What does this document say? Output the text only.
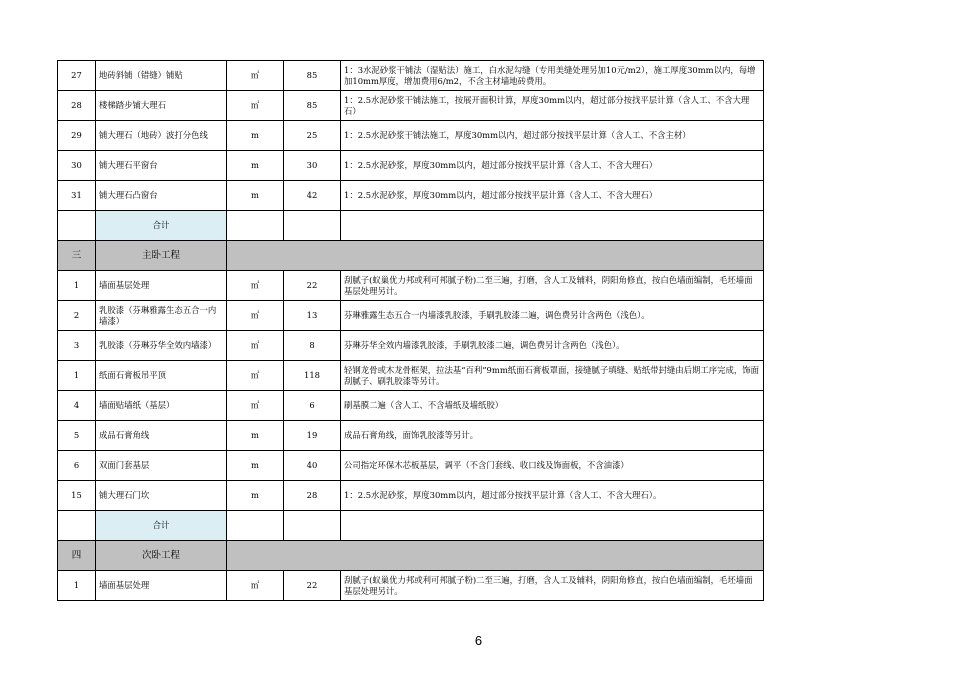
27	地砖斜铺（错缝）铺贴	㎡	85	1：3水泥砂浆干铺法（湿贴法）施工，白水泥勾缝（专用美缝处理另加10元/m2），施工厚度30mm以内，每增加10mm厚度，增加费用6/m2，不含主材墙地砖费用。
28	楼梯踏步铺大理石	㎡	85	1：2.5水泥砂浆干铺法施工，按展开面积计算，厚度30mm以内，超过部分按找平层计算（含人工、不含大理石）
29	铺大理石（地砖）波打分色线	m	25	1：2.5水泥砂浆干铺法施工，厚度30mm以内，超过部分按找平层计算（含人工、不含主材）
30	铺大理石平窗台	m	30	1：2.5水泥砂浆，厚度30mm以内，超过部分按找平层计算（含人工、不含大理石）
31	铺大理石凸窗台	m	42	1：2.5水泥砂浆，厚度30mm以内，超过部分按找平层计算（含人工、不含大理石）
	合计			
三	主卧工程			
1	墙面基层处理	㎡	22	刮腻子(蚁巢优力邦或利可邦腻子粉)二至三遍，打磨，含人工及辅料，阴阳角修直，按白色墙面编制，毛坯墙面基层处理另计。
2	乳胶漆（芬琳雅露生态五合一内墙漆）	㎡	13	芬琳雅露生态五合一内墙漆乳胶漆，手刷乳胶漆二遍，调色费另计含两色（浅色）。
3	乳胶漆（芬琳芬华全效内墙漆）	㎡	8	芬琳芬华全效内墙漆乳胶漆，手刷乳胶漆二遍，调色费另计含两色（浅色）。
1	纸面石膏板吊平顶	㎡	118	轻钢龙骨或木龙骨框架，拉法基“百利”9mm纸面石膏板罩面，接缝腻子填缝、贴纸带封缝由后期工序完成，饰面刮腻子、刷乳胶漆等另计。
4	墙面贴墙纸（基层）	㎡	6	刷基膜二遍（含人工、不含墙纸及墙纸胶）
5	成品石膏角线	m	19	成品石膏角线，面饰乳胶漆等另计。
6	双面门套基层	m	40	公司指定环保木芯板基层，调平（不含门套线、收口线及饰面板，不含油漆）
15	铺大理石门坎	m	28	1：2.5水泥砂浆，厚度30mm以内，超过部分按找平层计算（含人工、不含大理石）。
	合计			
四	次卧工程			
1	墙面基层处理	㎡	22	刮腻子(蚁巢优力邦或利可邦腻子粉)二至三遍，打磨，含人工及辅料，阴阳角修直，按白色墙面编制，毛坯墙面基层处理另计。
6
